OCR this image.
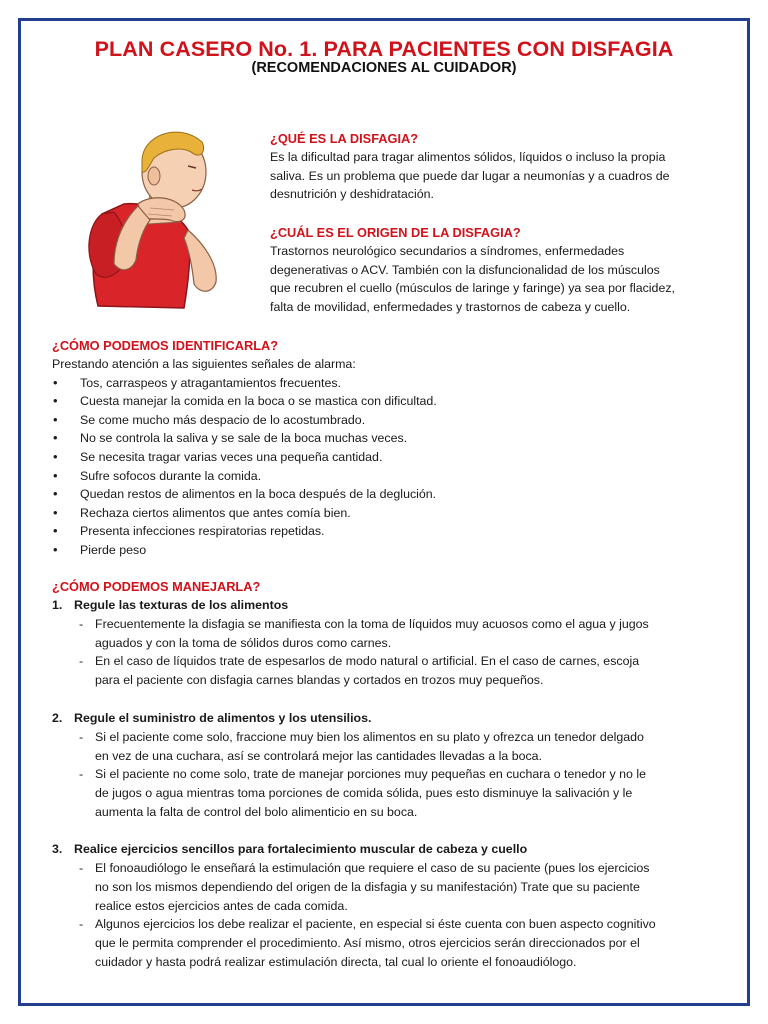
PLAN CASERO No. 1. PARA PACIENTES CON DISFAGIA
(RECOMENDACIONES AL CUIDADOR)
¿QUÉ ES LA DISFAGIA?

Es la dificultad para tragar alimentos sólidos, líquidos o incluso la propia

saliva. Es un problema que puede dar lugar a neumonías y a cuadros de

desnutrición y deshidratación.

¿CUÁL ES EL ORIGEN DE LA DISFAGIA?

Trastornos neurológico secundarios a síndromes, enfermedades

degenerativas o ACV. También con la disfuncionalidad de los músculos

que recubren el cuello (músculos de laringe y faringe) ya sea por flacidez,

falta de movilidad, enfermedades y trastornos de cabeza y cuello.

¿CÓMO PODEMOS IDENTIFICARLA?

Prestando atención a las siguientes señales de alarma:

• Tos, carraspeos y atragantamientos frecuentes.
• Cuesta manejar la comida en la boca o se mastica con dificultad.
• Se come mucho más despacio de lo acostumbrado.
• No se controla la saliva y se sale de la boca muchas veces.
• Se necesita tragar varias veces una pequeña cantidad.
• Sufre sofocos durante la comida.
• Quedan restos de alimentos en la boca después de la deglución.
• Rechaza ciertos alimentos que antes comía bien.
• Presenta infecciones respiratorias repetidas.
• Pierde peso
¿CÓMO PODEMOS MANEJARLA?
1. Regule las texturas de los alimentos
- Frecuentemente la disfagia se manifiesta con la toma de líquidos muy acuosos como el agua y jugos
aguados y con la toma de sólidos duros como carnes.
- En el caso de líquidos trate de espesarlos de modo natural o artificial. En el caso de carnes, escoja
para el paciente con disfagia carnes blandas y cortados en trozos muy pequeños.
2. Regule el suministro de alimentos y los utensilios.
- Si el paciente come solo, fraccione muy bien los alimentos en su plato y ofrezca un tenedor delgado
en vez de una cuchara, así se controlará mejor las cantidades llevadas a la boca.
- Si el paciente no come solo, trate de manejar porciones muy pequeñas en cuchara o tenedor y no le
de jugos o agua mientras toma porciones de comida sólida, pues esto disminuye la salivación y le
aumenta la falta de control del bolo alimenticio en su boca.
3. Realice ejercicios sencillos para fortalecimiento muscular de cabeza y cuello
- El fonoaudiólogo le enseñará la estimulación que requiere el caso de su paciente (pues los ejercicios
no son los mismos dependiendo del origen de la disfagia y su manifestación) Trate que su paciente
realice estos ejercicios antes de cada comida.
- Algunos ejercicios los debe realizar el paciente, en especial si éste cuenta con buen aspecto cognitivo
que le permita comprender el procedimiento. Así mismo, otros ejercicios serán direccionados por el
cuidador y hasta podrá realizar estimulación directa, tal cual lo oriente el fonoaudiólogo.
